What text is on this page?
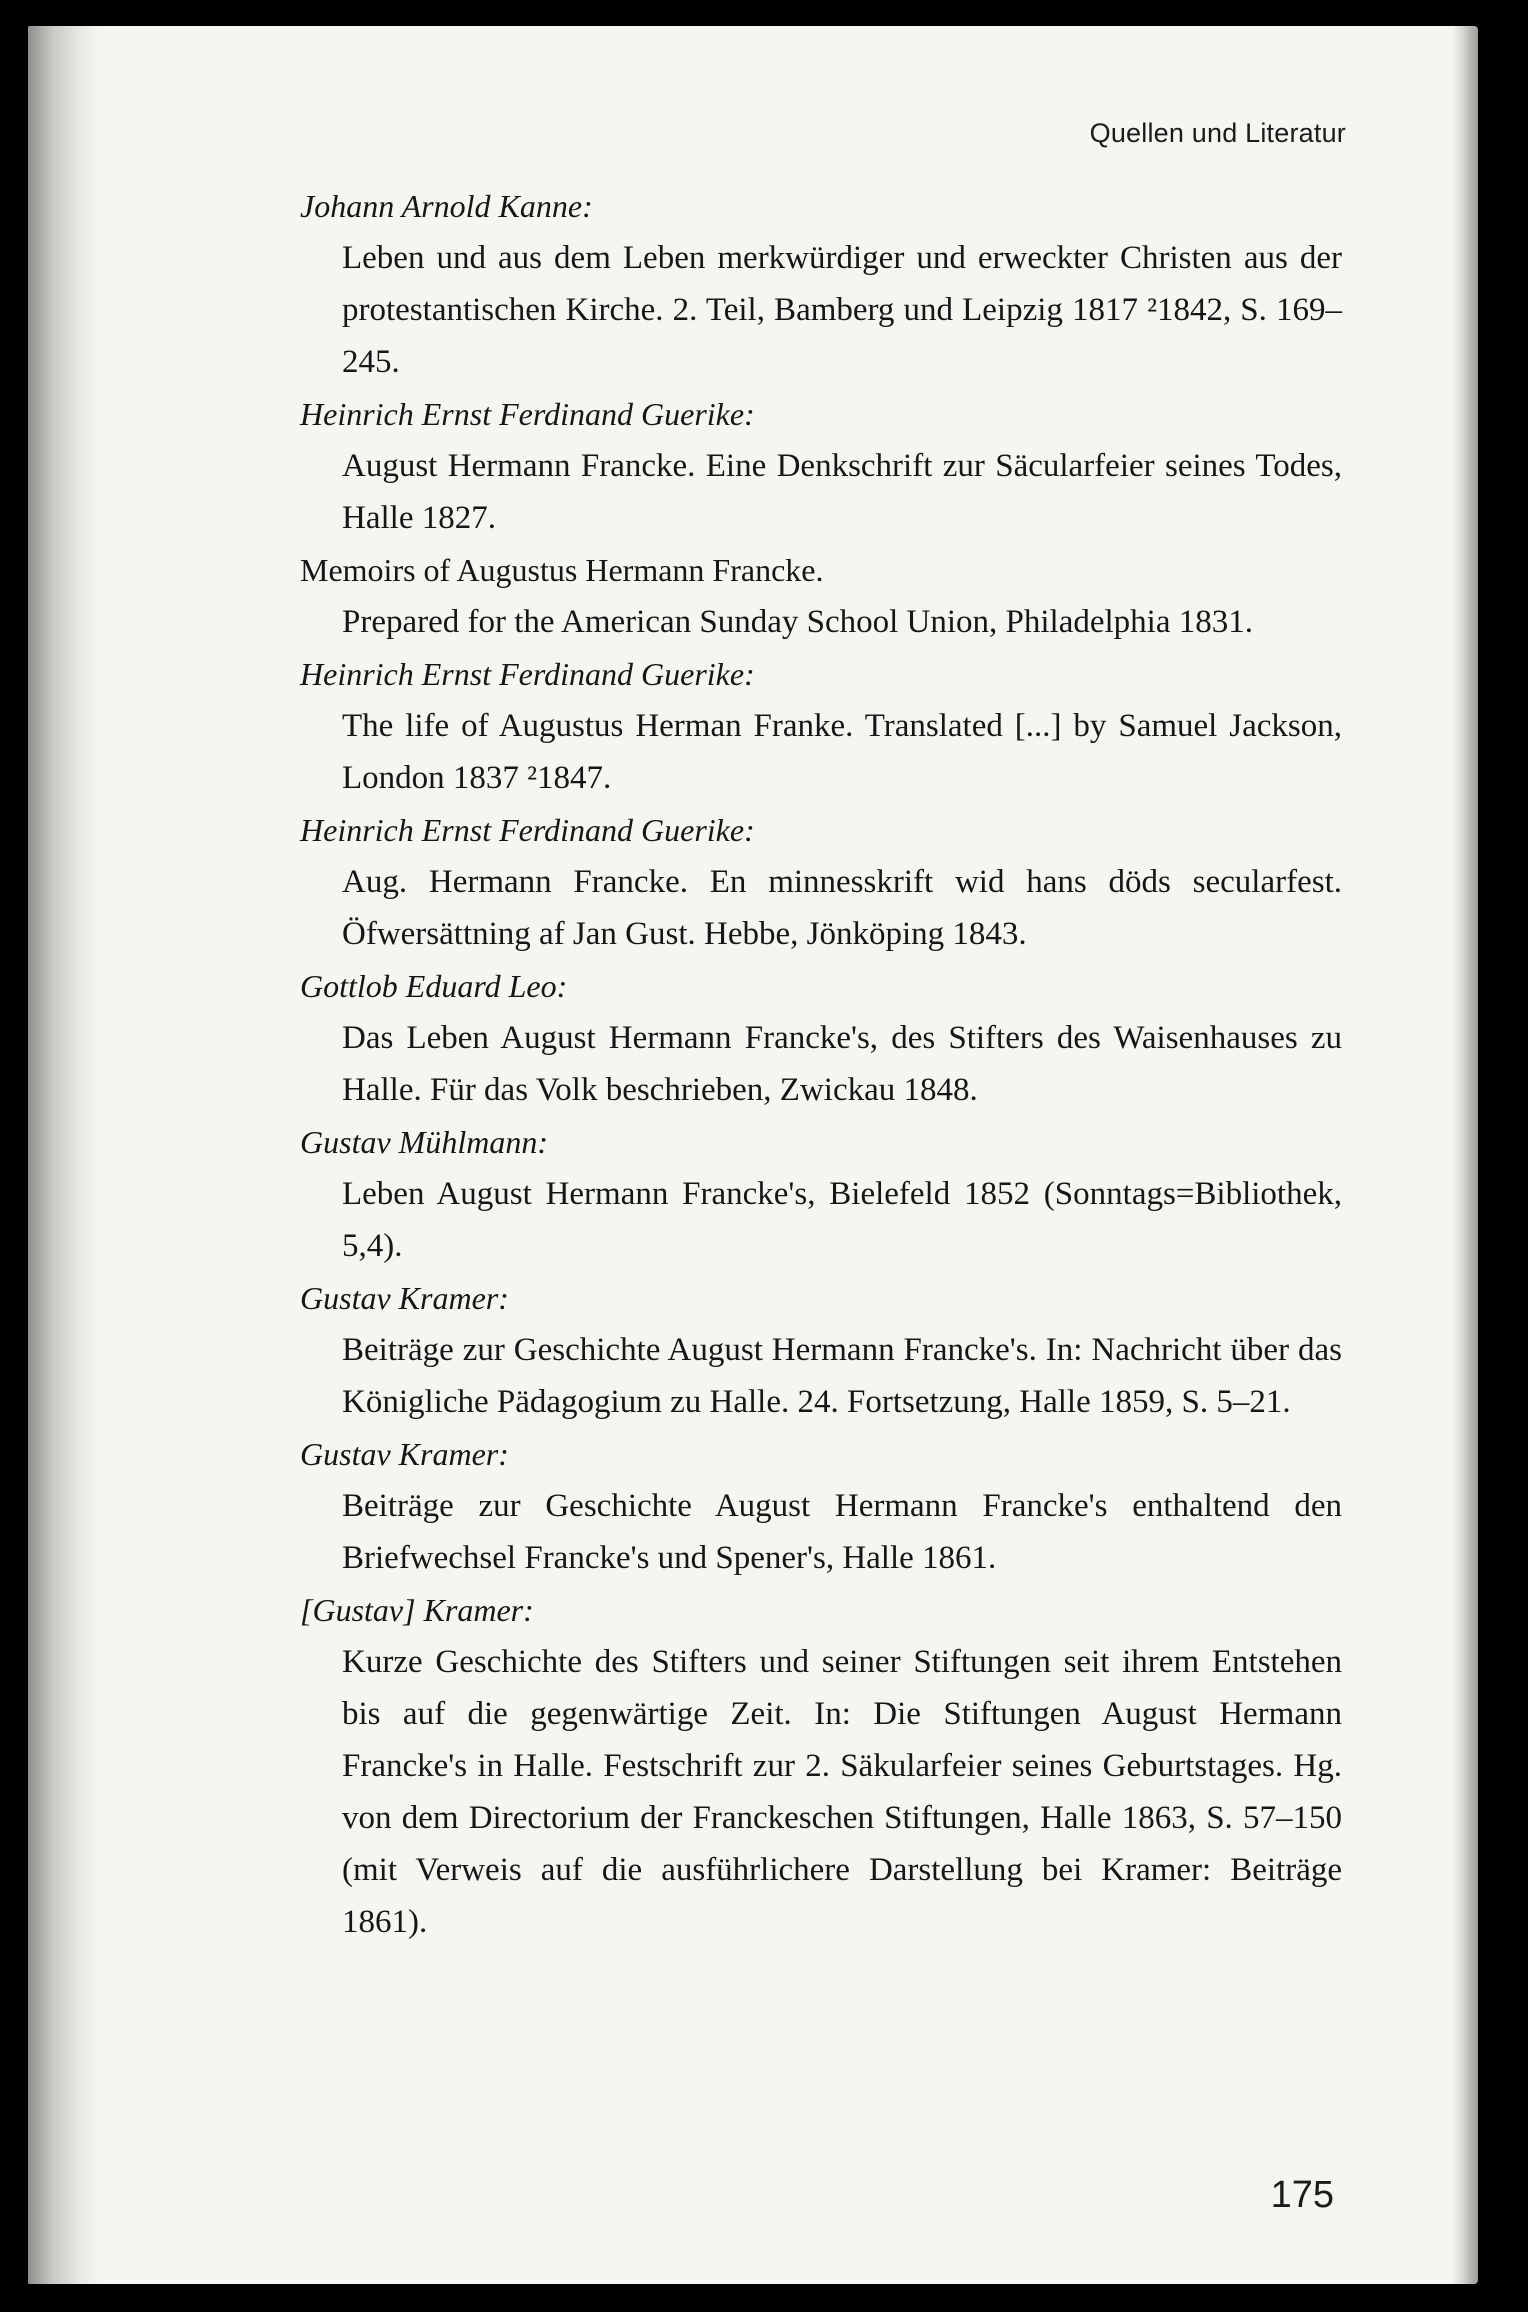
Quellen und Literatur
Johann Arnold Kanne:
Leben und aus dem Leben merkwürdiger und erweckter Christen aus der protestantischen Kirche. 2. Teil, Bamberg und Leipzig 1817 ²1842, S. 169–245.
Heinrich Ernst Ferdinand Guerike:
August Hermann Francke. Eine Denkschrift zur Säcularfeier seines Todes, Halle 1827.
Memoirs of Augustus Hermann Francke.
Prepared for the American Sunday School Union, Philadelphia 1831.
Heinrich Ernst Ferdinand Guerike:
The life of Augustus Herman Franke. Translated [...] by Samuel Jackson, London 1837 ²1847.
Heinrich Ernst Ferdinand Guerike:
Aug. Hermann Francke. En minnesskrift wid hans döds secularfest. Öfwersättning af Jan Gust. Hebbe, Jönköping 1843.
Gottlob Eduard Leo:
Das Leben August Hermann Francke's, des Stifters des Waisenhauses zu Halle. Für das Volk beschrieben, Zwickau 1848.
Gustav Mühlmann:
Leben August Hermann Francke's, Bielefeld 1852 (Sonntags=Bibliothek, 5,4).
Gustav Kramer:
Beiträge zur Geschichte August Hermann Francke's. In: Nachricht über das Königliche Pädagogium zu Halle. 24. Fortsetzung, Halle 1859, S. 5–21.
Gustav Kramer:
Beiträge zur Geschichte August Hermann Francke's enthaltend den Briefwechsel Francke's und Spener's, Halle 1861.
[Gustav] Kramer:
Kurze Geschichte des Stifters und seiner Stiftungen seit ihrem Entstehen bis auf die gegenwärtige Zeit. In: Die Stiftungen August Hermann Francke's in Halle. Festschrift zur 2. Säkularfeier seines Geburtstages. Hg. von dem Directorium der Franckeschen Stiftungen, Halle 1863, S. 57–150 (mit Verweis auf die ausführlichere Darstellung bei Kramer: Beiträge 1861).
175
